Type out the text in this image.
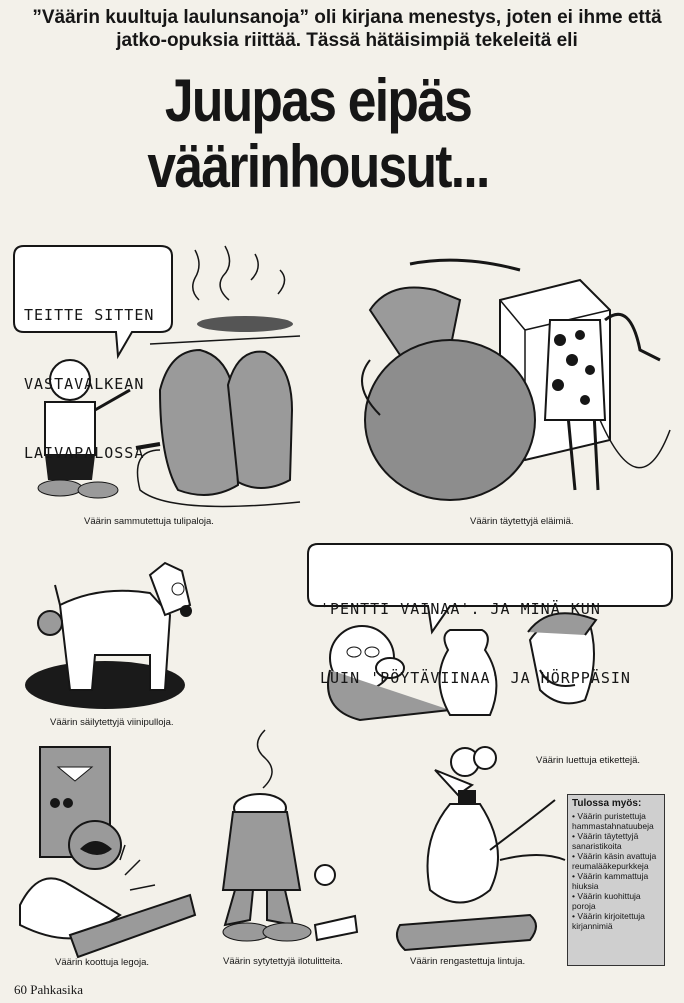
”Väärin kuultuja laulunsanoja” oli kirjana menestys, joten ei ihme että jatko-opuksia riittää. Tässä hätäisimpiä tekeleitä eli

Juupas eipäs
väärinhousut...

TEITTE SITTEN

VASTAVALKEAN

LAIVAPALOSSA

Väärin sammutettuja tulipaloja.	Väärin täytettyjä eläimiä.
Väärin säilytettyjä viinipulloja.

'PENTTI VAINAA'. JA MINÄ KUN

LUIN 'PÖYTÄVIINAA' JA HÖRPPÄSIN

Väärin luettuja etikettejä.
Väärin koottuja legoja.	Väärin sytytettyjä ilotulitteita.	Väärin rengastettuja lintuja.
Tulossa myös:
• Väärin puristettuja hammastahnatuubeja
• Väärin täytettyjä sanaristikoita
• Väärin käsin avattuja reumalääkepurkkeja
• Väärin kammattuja hiuksia
• Väärin kuohittuja poroja
• Väärin kirjoitettuja kirjannimiä
60 Pahkasika
